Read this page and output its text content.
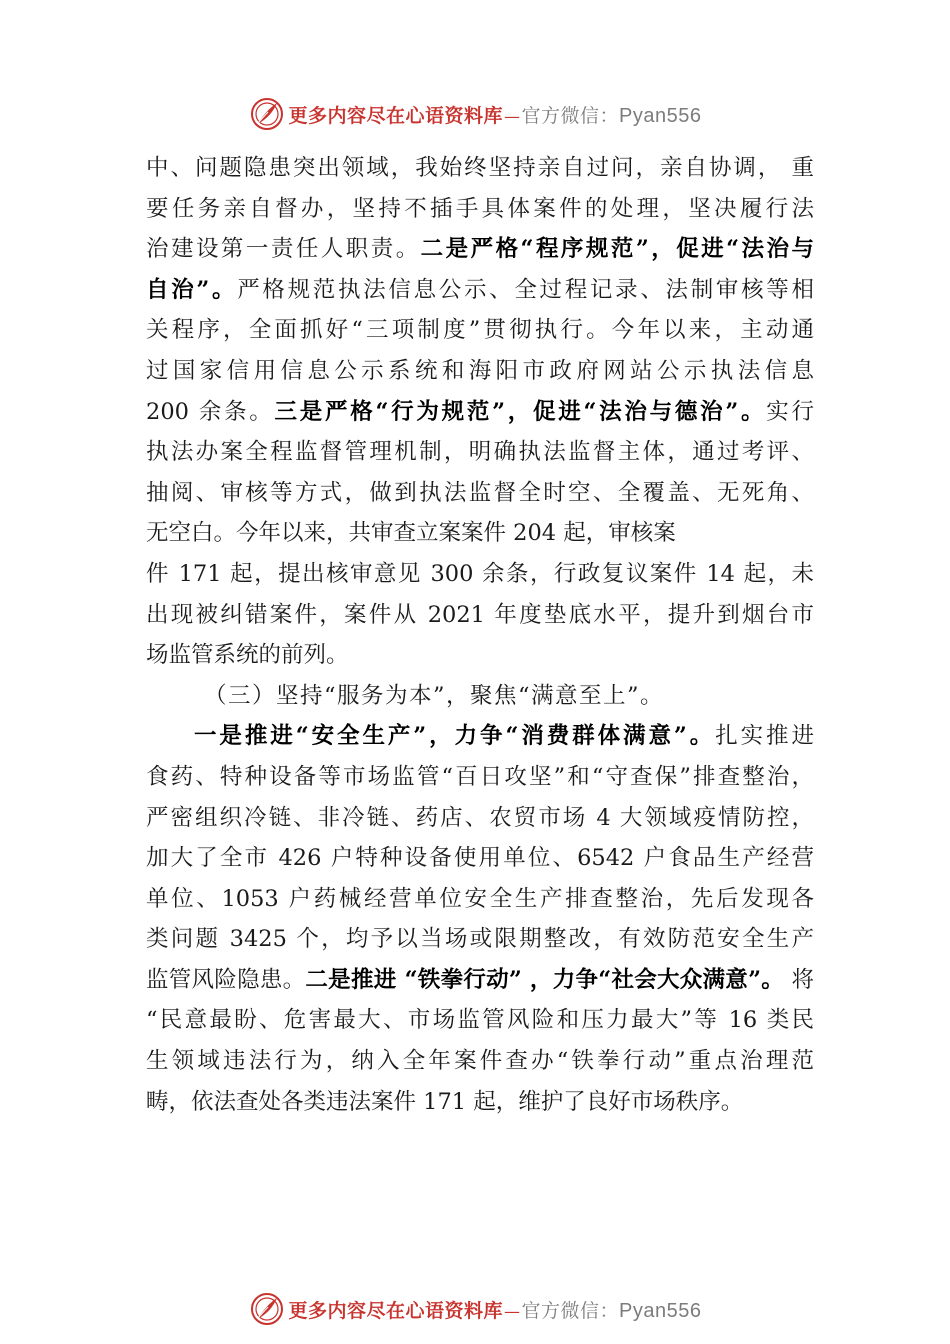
更多内容尽在心语资料库—官方微信：Pyan556
中、问题隐患突出领域，我始终坚持亲自过问，亲自协调， 重
要任务亲自督办，坚持不插手具体案件的处理，坚决履行法
治建设第一责任人职责。二是严格“程序规范”，促进“法治与
自治”。严格规范执法信息公示、全过程记录、法制审核等相
关程序，全面抓好“三项制度”贯彻执行。今年以来，主动通
过国家信用信息公示系统和海阳市政府网站公示执法信息
200 余条。三是严格“行为规范”，促进“法治与德治”。实行
执法办案全程监督管理机制，明确执法监督主体，通过考评、
抽阅、审核等方式，做到执法监督全时空、全覆盖、无死角、
无空白。今年以来，共审查立案案件 204 起，审核案
件 171 起，提出核审意见 300 余条，行政复议案件 14 起，未
出现被纠错案件，案件从 2021 年度垫底水平，提升到烟台市
场监管系统的前列。
（三）坚持“服务为本”，聚焦“满意至上”。
一是推进“安全生产”，力争“消费群体满意”。扎实推进
食药、特种设备等市场监管“百日攻坚”和“守查保”排查整治，
严密组织冷链、非冷链、药店、农贸市场 4 大领域疫情防控，
加大了全市 426 户特种设备使用单位、6542 户食品生产经营
单位、1053 户药械经营单位安全生产排查整治，先后发现各
类问题 3425 个，均予以当场或限期整改，有效防范安全生产
监管风险隐患。二是推进 “铁拳行动” ，力争“社会大众满意”。 将
“民意最盼、危害最大、市场监管风险和压力最大”等 16 类民
生领域违法行为，纳入全年案件查办“铁拳行动”重点治理范
畴，依法查处各类违法案件 171 起，维护了良好市场秩序。
更多内容尽在心语资料库—官方微信：Pyan556
